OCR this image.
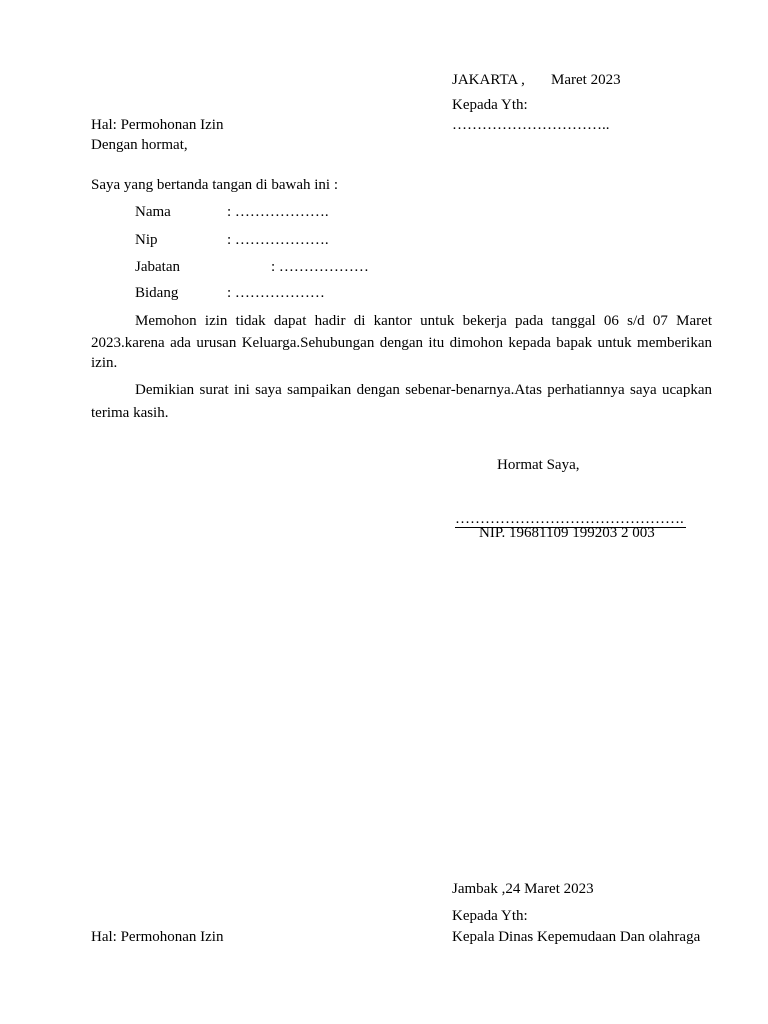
JAKARTA , Maret 2023
Kepada Yth:
…………………………..
Hal: Permohonan Izin
Dengan hormat,
Saya yang bertanda tangan di bawah ini :
Nama	: ……………….
Nip	: ……………….
Jabatan	: ………………
Bidang	: ………………
Memohon izin tidak dapat hadir di kantor untuk bekerja pada tanggal 06 s/d 07 Maret
2023.karena ada urusan Keluarga.Sehubungan dengan itu dimohon kepada bapak untuk memberikan
izin.
Demikian surat ini saya sampaikan dengan sebenar-benarnya.Atas perhatiannya saya ucapkan
terima kasih.
Hormat Saya,
……………………………………….
NIP. 19681109 199203 2 003
Jambak ,24 Maret 2023
Kepada Yth:
Hal: Permohonan Izin	Kepala Dinas Kepemudaan Dan olahraga
